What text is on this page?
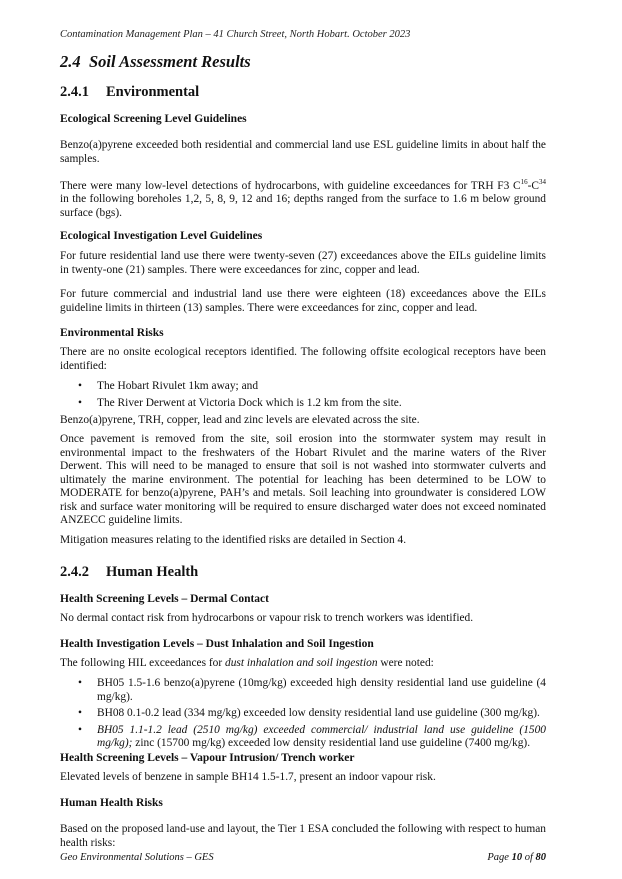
Contamination Management Plan – 41 Church Street, North Hobart. October 2023
2.4 Soil Assessment Results
2.4.1 Environmental
Ecological Screening Level Guidelines
Benzo(a)pyrene exceeded both residential and commercial land use ESL guideline limits in about half the samples.
There were many low-level detections of hydrocarbons, with guideline exceedances for TRH F3 $C^{16}-C^{34}$ in the following boreholes 1,2, 5, 8, 9, 12 and 16; depths ranged from the surface to 1.6 m below ground surface (bgs).
Ecological Investigation Level Guidelines
For future residential land use there were twenty-seven (27) exceedances above the EILs guideline limits in twenty-one (21) samples. There were exceedances for zinc, copper and lead.
For future commercial and industrial land use there were eighteen (18) exceedances above the EILs guideline limits in thirteen (13) samples. There were exceedances for zinc, copper and lead.
Environmental Risks
There are no onsite ecological receptors identified. The following offsite ecological receptors have been identified:
• The Hobart Rivulet 1km away; and
• The River Derwent at Victoria Dock which is 1.2 km from the site.
Benzo(a)pyrene, TRH, copper, lead and zinc levels are elevated across the site.
Once pavement is removed from the site, soil erosion into the stormwater system may result in environmental impact to the freshwaters of the Hobart Rivulet and the marine waters of the River Derwent. This will need to be managed to ensure that soil is not washed into stormwater culverts and ultimately the marine environment. The potential for leaching has been determined to be LOW to MODERATE for benzo(a)pyrene, PAH’s and metals. Soil leaching into groundwater is considered LOW risk and surface water monitoring will be required to ensure discharged water does not exceed nominated ANZECC guideline limits.
Mitigation measures relating to the identified risks are detailed in Section 4.
2.4.2 Human Health
Health Screening Levels – Dermal Contact
No dermal contact risk from hydrocarbons or vapour risk to trench workers was identified.
Health Investigation Levels – Dust Inhalation and Soil Ingestion
The following HIL exceedances for dust inhalation and soil ingestion were noted:
• BH05 1.5-1.6 benzo(a)pyrene (10mg/kg) exceeded high density residential land use guideline (4 mg/kg).
• BH08 0.1-0.2 lead (334 mg/kg) exceeded low density residential land use guideline (300 mg/kg).
• BH05 1.1-1.2 lead (2510 mg/kg) exceeded commercial/ industrial land use guideline (1500 mg/kg); zinc (15700 mg/kg) exceeded low density residential land use guideline (7400 mg/kg).
Health Screening Levels – Vapour Intrusion/ Trench worker
Elevated levels of benzene in sample BH14 1.5-1.7, present an indoor vapour risk.
Human Health Risks
Based on the proposed land-use and layout, the Tier 1 ESA concluded the following with respect to human health risks:
Geo Environmental Solutions – GES	Page 10 of 80
